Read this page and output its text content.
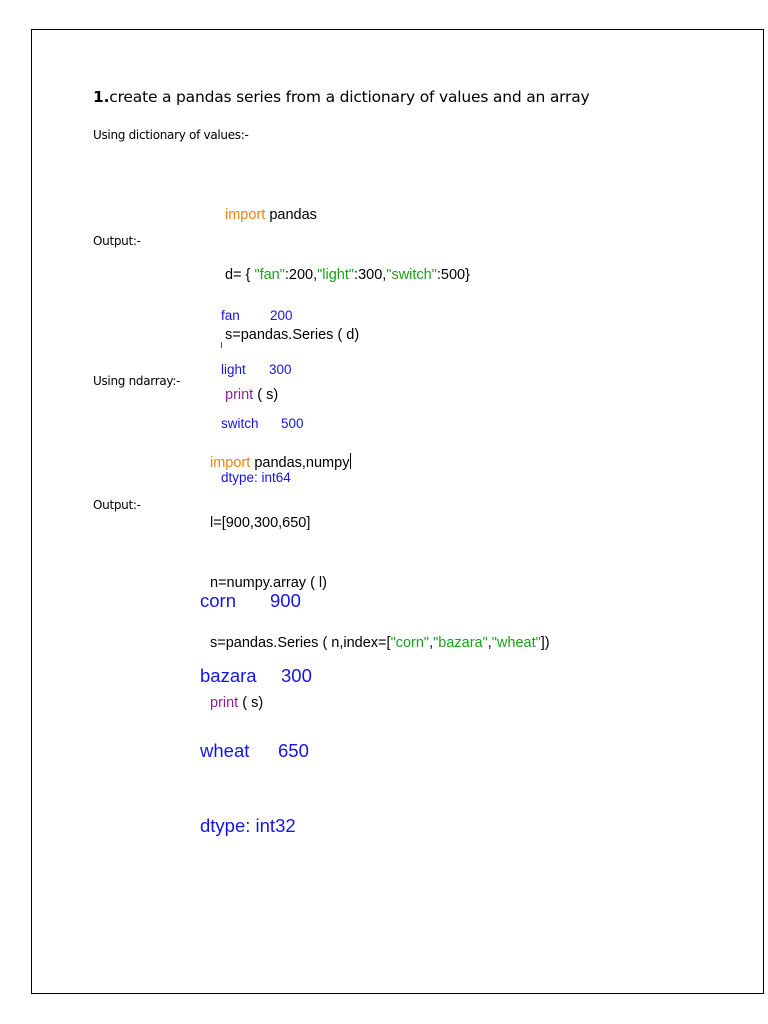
1.create a pandas series from a dictionary of values and an array
Using dictionary of values:-

import pandas

d= { "fan":200,"light":300,"switch":500}

s=pandas.Series ( d)

print ( s)

Output:-

fan 200

light 300

switch 500

dtype: int64

Using ndarray:-

import pandas,numpy

l=[900,300,650]

n=numpy.array ( l)

s=pandas.Series ( n,index=["corn","bazara","wheat"])

print ( s)

Output:-

corn 900

bazara 300

wheat 650

dtype: int32
